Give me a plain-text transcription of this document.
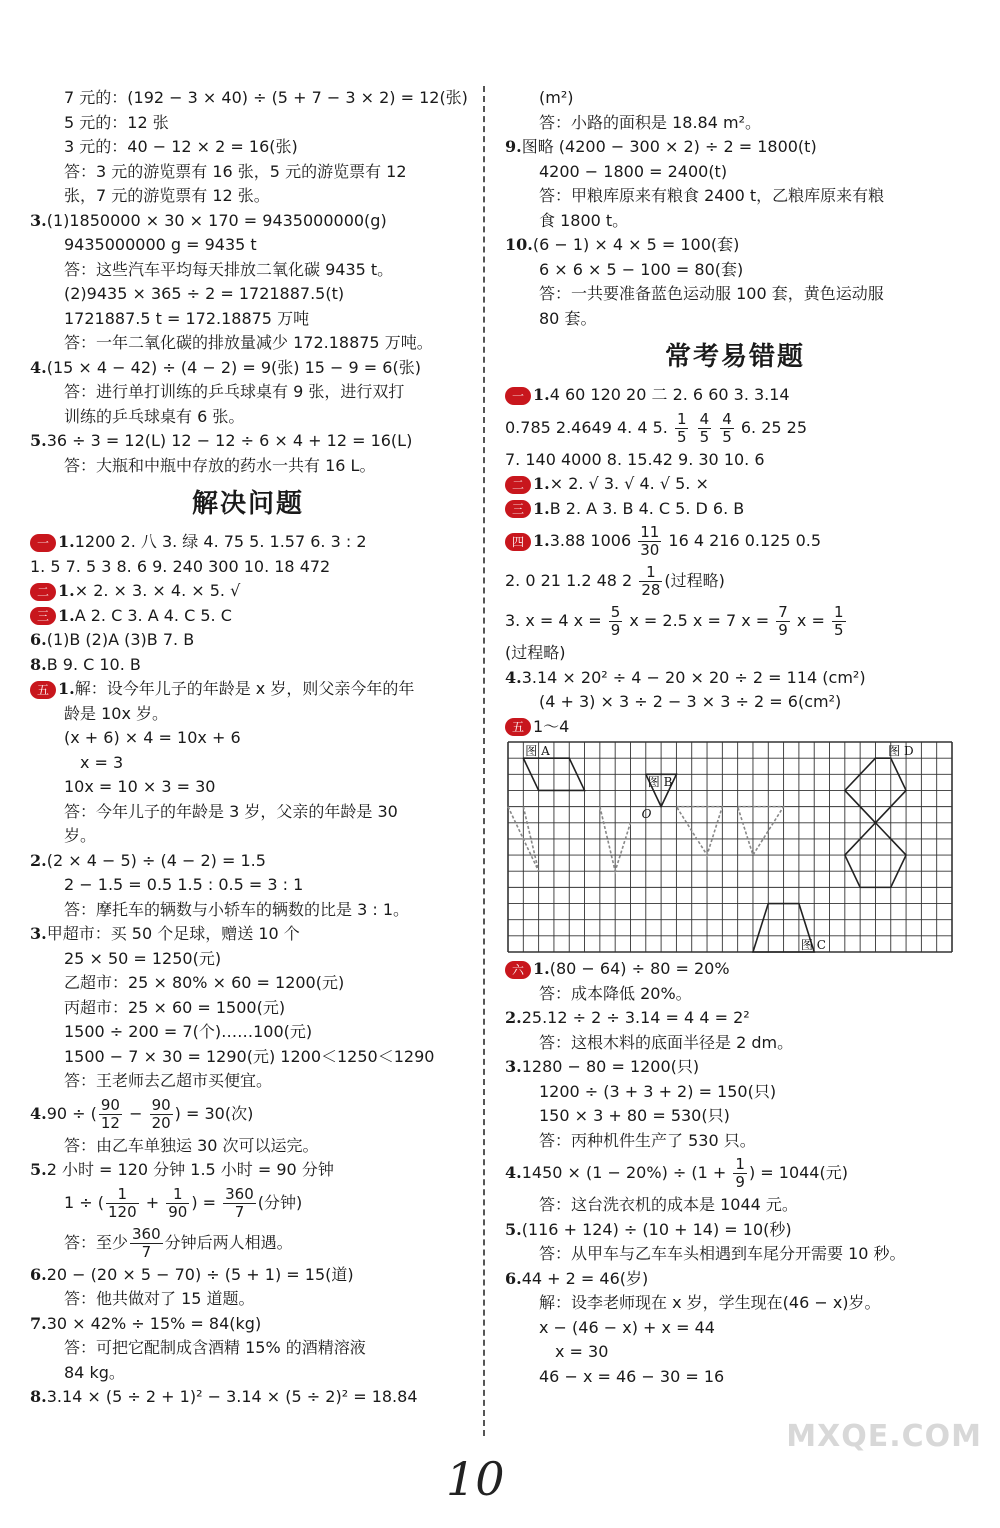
7 元的：(192 − 3 × 40) ÷ (5 + 7 − 3 × 2) = 12(张)
5 元的：12 张
3 元的：40 − 12 × 2 = 16(张)
答：3 元的游览票有 16 张，5 元的游览票有 12
张，7 元的游览票有 12 张。
3.(1)1850000 × 30 × 170 = 9435000000(g)
9435000000 g = 9435 t
答：这些汽车平均每天排放二氧化碳 9435 t。
(2)9435 × 365 ÷ 2 = 1721887.5(t)
1721887.5 t = 172.18875 万吨
答：一年二氧化碳的排放量减少 172.18875 万吨。
4.(15 × 4 − 42) ÷ (4 − 2) = 9(张) 15 − 9 = 6(张)
答：进行单打训练的乒乓球桌有 9 张，进行双打
训练的乒乓球桌有 6 张。
5.36 ÷ 3 = 12(L) 12 − 12 ÷ 6 × 4 + 12 = 16(L)
答：大瓶和中瓶中存放的药水一共有 16 L。
解决问题
一 1.1200 2. 八 3. 绿 4. 75 5. 1.57 6. 3 : 2
1. 5 7. 5 3 8. 6 9. 240 300 10. 18 472
二 1.× 2. × 3. × 4. × 5. √
三 1.A 2. C 3. A 4. C 5. C
6.(1)B (2)A (3)B 7. B
8.B 9. C 10. B
五 1.解：设今年儿子的年龄是 x 岁，则父亲今年的年
龄是 10x 岁。
(x + 6) × 4 = 10x + 6
x = 3
10x = 10 × 3 = 30
答：今年儿子的年龄是 3 岁，父亲的年龄是 30
岁。
2.(2 × 4 − 5) ÷ (4 − 2) = 1.5
2 − 1.5 = 0.5 1.5 : 0.5 = 3 : 1
答：摩托车的辆数与小轿车的辆数的比是 3 : 1。
3.甲超市：买 50 个足球，赠送 10 个
25 × 50 = 1250(元)
乙超市：25 × 80% × 60 = 1200(元)
丙超市：25 × 60 = 1500(元)
1500 ÷ 200 = 7(个)……100(元)
1500 − 7 × 30 = 1290(元) 1200＜1250＜1290
答：王老师去乙超市买便宜。
4.90 ÷ ( $\frac{90}{12} - \frac{90}{20}$ ) = 30(次)
答：由乙车单独运 30 次可以运完。
5.2 小时 = 120 分钟 1.5 小时 = 90 分钟
1 ÷ ( $\frac{1}{120} + \frac{1}{90}$ ) = $\frac{360}{7}$ (分钟)
答：至少 $\frac{360}{7}$ 分钟后两人相遇。
6.20 − (20 × 5 − 70) ÷ (5 + 1) = 15(道)
答：他共做对了 15 道题。
7.30 × 42% ÷ 15% = 84(kg)
答：可把它配制成含酒精 15% 的酒精溶液
84 kg。
8.3.14 × (5 ÷ 2 + 1)² − 3.14 × (5 ÷ 2)² = 18.84
(m²)
答：小路的面积是 18.84 m²。
9.图略 (4200 − 300 × 2) ÷ 2 = 1800(t)
4200 − 1800 = 2400(t)
答：甲粮库原来有粮食 2400 t，乙粮库原来有粮
食 1800 t。
10.(6 − 1) × 4 × 5 = 100(套)
6 × 6 × 5 − 100 = 80(套)
答：一共要准备蓝色运动服 100 套，黄色运动服
80 套。
常考易错题
一 1.4 60 120 20 二 2. 6 60 3. 3.14
0.785 2.4649 4. 4 5. $\frac{1}{5}$
$\frac{4}{5}$
$\frac{4}{5} 6$. 25 25
7. 140 4000 8. 15.42 9. 30 10. 6
二 1.× 2. √ 3. √ 4. √ 5. ×
三 1.B 2. A 3. B 4. C 5. D 6. B
四 1.3.88 $1006 \frac{11}{30} 16$ 4 216 0.125 0.5
2. 0 21 1.2 48 $2 \frac{1}{28}$ (过程略)
3. x = 4 $x = \frac{5}{9}$ x = 2.5 x = 7 $x = \frac{7}{9}$ $x = \frac{1}{5}$
(过程略)
4.3.14 × 20² ÷ 4 − 20 × 20 ÷ 2 = 114 (cm²)
(4 + 3) × 3 ÷ 2 − 3 × 3 ÷ 2 = 6(cm²)
五 1～4
图 A
图 B
图 C
图 D
O
六 1.(80 − 64) ÷ 80 = 20%
答：成本降低 20%。
2.25.12 ÷ 2 ÷ 3.14 = 4 4 = 2²
答：这根木料的底面半径是 2 dm。
3.1280 − 80 = 1200(只)
1200 ÷ (3 + 3 + 2) = 150(只)
150 × 3 + 80 = 530(只)
答：丙种机件生产了 530 只。
$4.1450 \times (1 - 20\%) \div (1 + \frac{1}{9}$ ) = 1044(元)
答：这台洗衣机的成本是 1044 元。
5.(116 + 124) ÷ (10 + 14) = 10(秒)
答：从甲车与乙车车头相遇到车尾分开需要 10 秒。
6.44 + 2 = 46(岁)
解：设李老师现在 x 岁，学生现在(46 − x)岁。
x − (46 − x) + x = 44
x = 30
46 − x = 46 − 30 = 16
10
MXQE.COM
